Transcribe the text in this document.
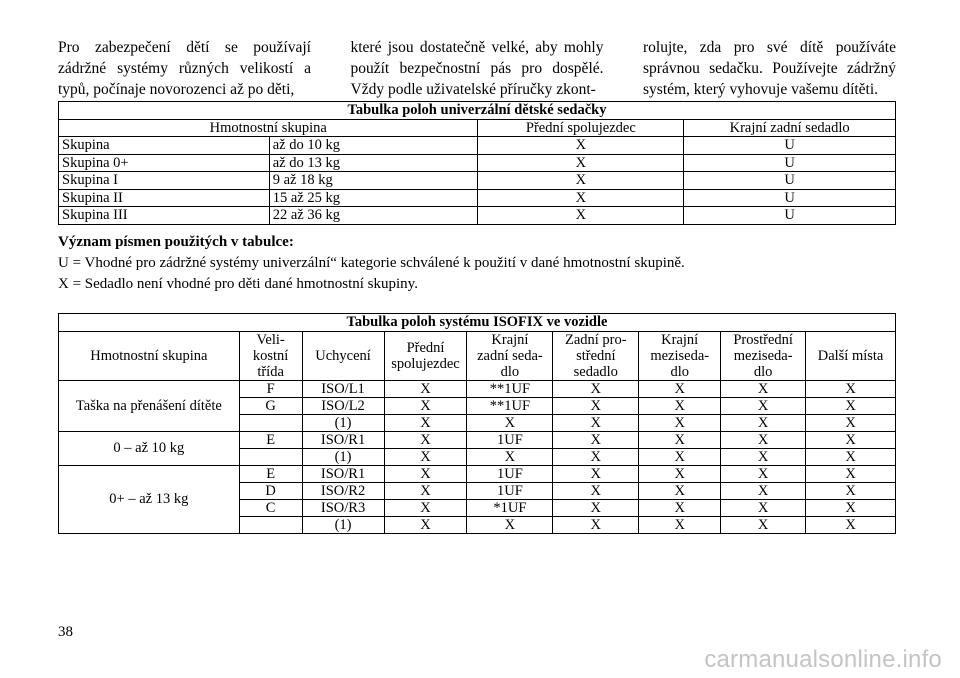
Pro zabezpečení dětí se používají zádržné systémy různých velikostí a typů, počínaje novorozenci až po děti,

které jsou dostatečně velké, aby mohly použít bezpečnostní pás pro dospělé. Vždy podle uživatelské příručky zkont-

rolujte, zda pro své dítě používáte správnou sedačku. Používejte zádržný systém, který vyhovuje vašemu dítěti.

Tabulka poloh univerzální dětské sedačky			
Hmotnostní skupina		Přední spolujezdec	Krajní zadní sedadlo
Skupina	až do 10 kg	X	U
Skupina 0+	až do 13 kg	X	U
Skupina I	9 až 18 kg	X	U
Skupina II	15 až 25 kg	X	U
Skupina III	22 až 36 kg	X	U
Význam písmen použitých v tabulce:
U = Vhodné pro zádržné systémy univerzální“ kategorie schválené k použití v dané hmotnostní skupině.
X = Sedadlo není vhodné pro děti dané hmotnostní skupiny.
Tabulka poloh systému ISOFIX ve vozidle								
Hmotnostní skupina	Veli-
kostní
třída	Uchycení	Přední
spolujezdec	Krajní
zadní seda-
dlo	Zadní pro-
střední
sedadlo	Krajní
meziseda-
dlo	Prostřední
meziseda-
dlo	Další místa
Taška na přenášení dítěte	F	ISO/L1	X	**1UF	X	X	X	X
	G	ISO/L2	X	**1UF	X	X	X	X
		(1)	X	X	X	X	X	X
0 – až 10 kg	E	ISO/R1	X	1UF	X	X	X	X
		(1)	X	X	X	X	X	X
0+ – až 13 kg	E	ISO/R1	X	1UF	X	X	X	X
	D	ISO/R2	X	1UF	X	X	X	X
	C	ISO/R3	X	*1UF	X	X	X	X
		(1)	X	X	X	X	X	X
38
carmanualsonline.info
